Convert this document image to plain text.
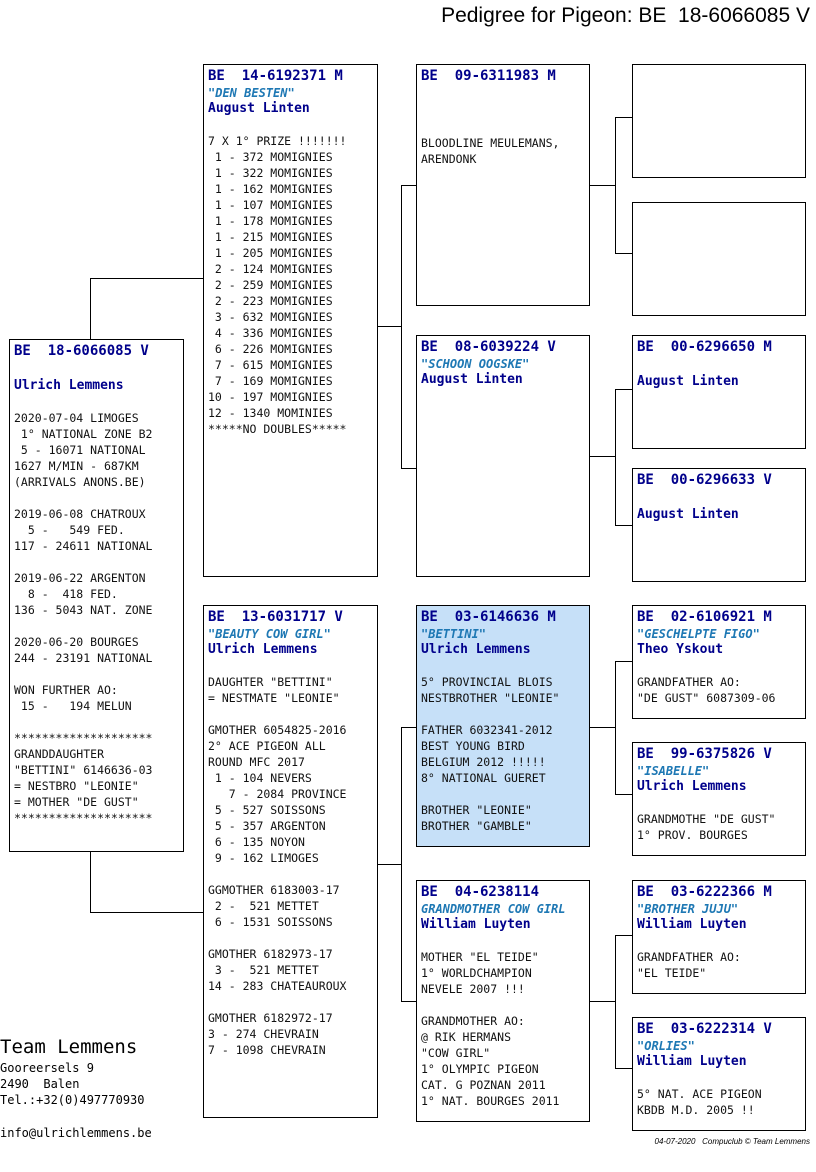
Pedigree for Pigeon: BE  18-6066085 V
BE  18-6066085 V
Ulrich Lemmens
2020-07-04 LIMOGES
1° NATIONAL ZONE B2
5 - 16071 NATIONAL
1627 M/MIN - 687KM
(ARRIVALS ANONS.BE)

2019-06-08 CHATROUX
5 -   549 FED.
117 - 24611 NATIONAL

2019-06-22 ARGENTON
8 -  418 FED.
136 - 5043 NAT. ZONE

2020-06-20 BOURGES
244 - 23191 NATIONAL

WON FURTHER AO:
15 -   194 MELUN

********************
GRANDDAUGHTER
"BETTINI" 6146636-03
= NESTBRO "LEONIE"
= MOTHER "DE GUST"
********************
BE  14-6192371 M
"DEN BESTEN"
August Linten
7 X 1° PRIZE !!!!!!!
1 - 372 MOMIGNIES
1 - 322 MOMIGNIES
1 - 162 MOMIGNIES
1 - 107 MOMIGNIES
1 - 178 MOMIGNIES
1 - 215 MOMIGNIES
1 - 205 MOMIGNIES
2 - 124 MOMIGNIES
2 - 259 MOMIGNIES
2 - 223 MOMIGNIES
3 - 632 MOMIGNIES
4 - 336 MOMIGNIES
6 - 226 MOMIGNIES
7 - 615 MOMIGNIES
7 - 169 MOMIGNIES
10 - 197 MOMIGNIES
12 - 1340 MOMINIES
*****NO DOUBLES*****
BE  13-6031717 V
"BEAUTY COW GIRL"
Ulrich Lemmens
DAUGHTER "BETTINI"
= NESTMATE "LEONIE"

GMOTHER 6054825-2016
2° ACE PIGEON ALL
ROUND MFC 2017
1 - 104 NEVERS
7 - 2084 PROVINCE
5 - 527 SOISSONS
5 - 357 ARGENTON
6 - 135 NOYON
9 - 162 LIMOGES

GGMOTHER 6183003-17
2 -  521 METTET
6 - 1531 SOISSONS

GMOTHER 6182973-17
3 -  521 METTET
14 - 283 CHATEAUROUX

GMOTHER 6182972-17
3 - 274 CHEVRAIN
7 - 1098 CHEVRAIN
BE  09-6311983 M
BLOODLINE MEULEMANS,
ARENDONK
BE  08-6039224 V
"SCHOON OOGSKE"
August Linten
BE  03-6146636 M
"BETTINI"
Ulrich Lemmens
5° PROVINCIAL BLOIS
NESTBROTHER "LEONIE"

FATHER 6032341-2012
BEST YOUNG BIRD
BELGIUM 2012 !!!!!
8° NATIONAL GUERET

BROTHER "LEONIE"
BROTHER "GAMBLE"
BE  04-6238114
GRANDMOTHER COW GIRL
William Luyten
MOTHER "EL TEIDE"
1° WORLDCHAMPION
NEVELE 2007 !!!

GRANDMOTHER AO:
@ RIK HERMANS
"COW GIRL"
1° OLYMPIC PIGEON
CAT. G POZNAN 2011
1° NAT. BOURGES 2011
BE  00-6296650 M
August Linten
BE  00-6296633 V
August Linten
BE  02-6106921 M
"GESCHELPTE FIGO"
Theo Yskout
GRANDFATHER AO:
"DE GUST" 6087309-06
BE  99-6375826 V
"ISABELLE"
Ulrich Lemmens
GRANDMOTHE "DE GUST"
1° PROV. BOURGES
BE  03-6222366 M
"BROTHER JUJU"
William Luyten
GRANDFATHER AO:
"EL TEIDE"
BE  03-6222314 V
"ORLIES"
William Luyten
5° NAT. ACE PIGEON
KBDB M.D. 2005 !!
Team Lemmens
Gooreersels 9
2490  Balen
Tel.:+32(0)497770930
info@ulrichlemmens.be
04-07-2020   Compuclub © Team Lemmens
